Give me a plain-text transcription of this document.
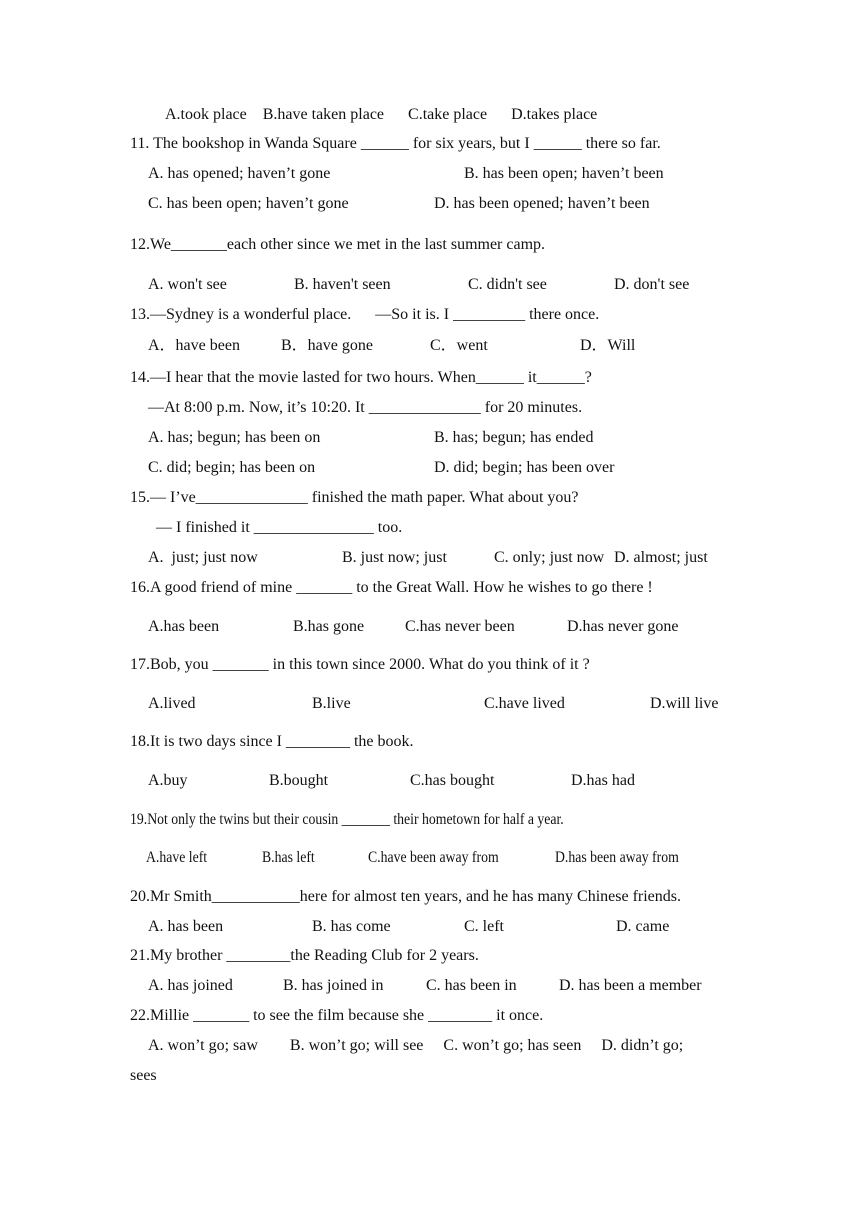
A.took place    B.have taken place      C.take place      D.takes place
11. The bookshop in Wanda Square ______ for six years, but I ______ there so far.
A. has opened; haven’t gone	B. has been open; haven’t been
C. has been open; haven’t gone	D. has been opened; haven’t been
12.We_______each other since we met in the last summer camp.
A. won't see	B. haven't seen	C. didn't see	D. don't see
13.—Sydney is a wonderful place.      —So it is. I _________ there once.
A．have been	B．have gone	C．went	D．Will
14.—I hear that the movie lasted for two hours. When______ it______?
—At 8:00 p.m. Now, it’s 10:20. It ______________ for 20 minutes.
A. has; begun; has been on	B. has; begun; has ended
C. did; begin; has been on	D. did; begin; has been over
15.— I’ve______________ finished the math paper. What about you?
— I finished it _______________ too.
A.  just; just now	B. just now; just	C. only; just now D. almost; just
16.A good friend of mine _______ to the Great Wall. How he wishes to go there !
A.has been	B.has gone	C.has never been	D.has never gone
17.Bob, you _______ in this town since 2000. What do you think of it ?
A.lived	B.live	C.have lived	D.will live
18.It is two days since I ________ the book.
A.buy	B.bought	C.has bought	D.has had
19.Not only the twins but their cousin _______ their hometown for half a year.
A.have left	B.has left	C.have been away from	D.has been away from
20.Mr Smith___________here for almost ten years, and he has many Chinese friends.
A. has been	B. has come	C. left	D. came
21.My brother ________the Reading Club for 2 years.
A. has joined	B. has joined in	C. has been in	D. has been a member
22.Millie _______ to see the film because she ________ it once.
A. won’t go; saw        B. won’t go; will see     C. won’t go; has seen     D. didn’t go;
sees
